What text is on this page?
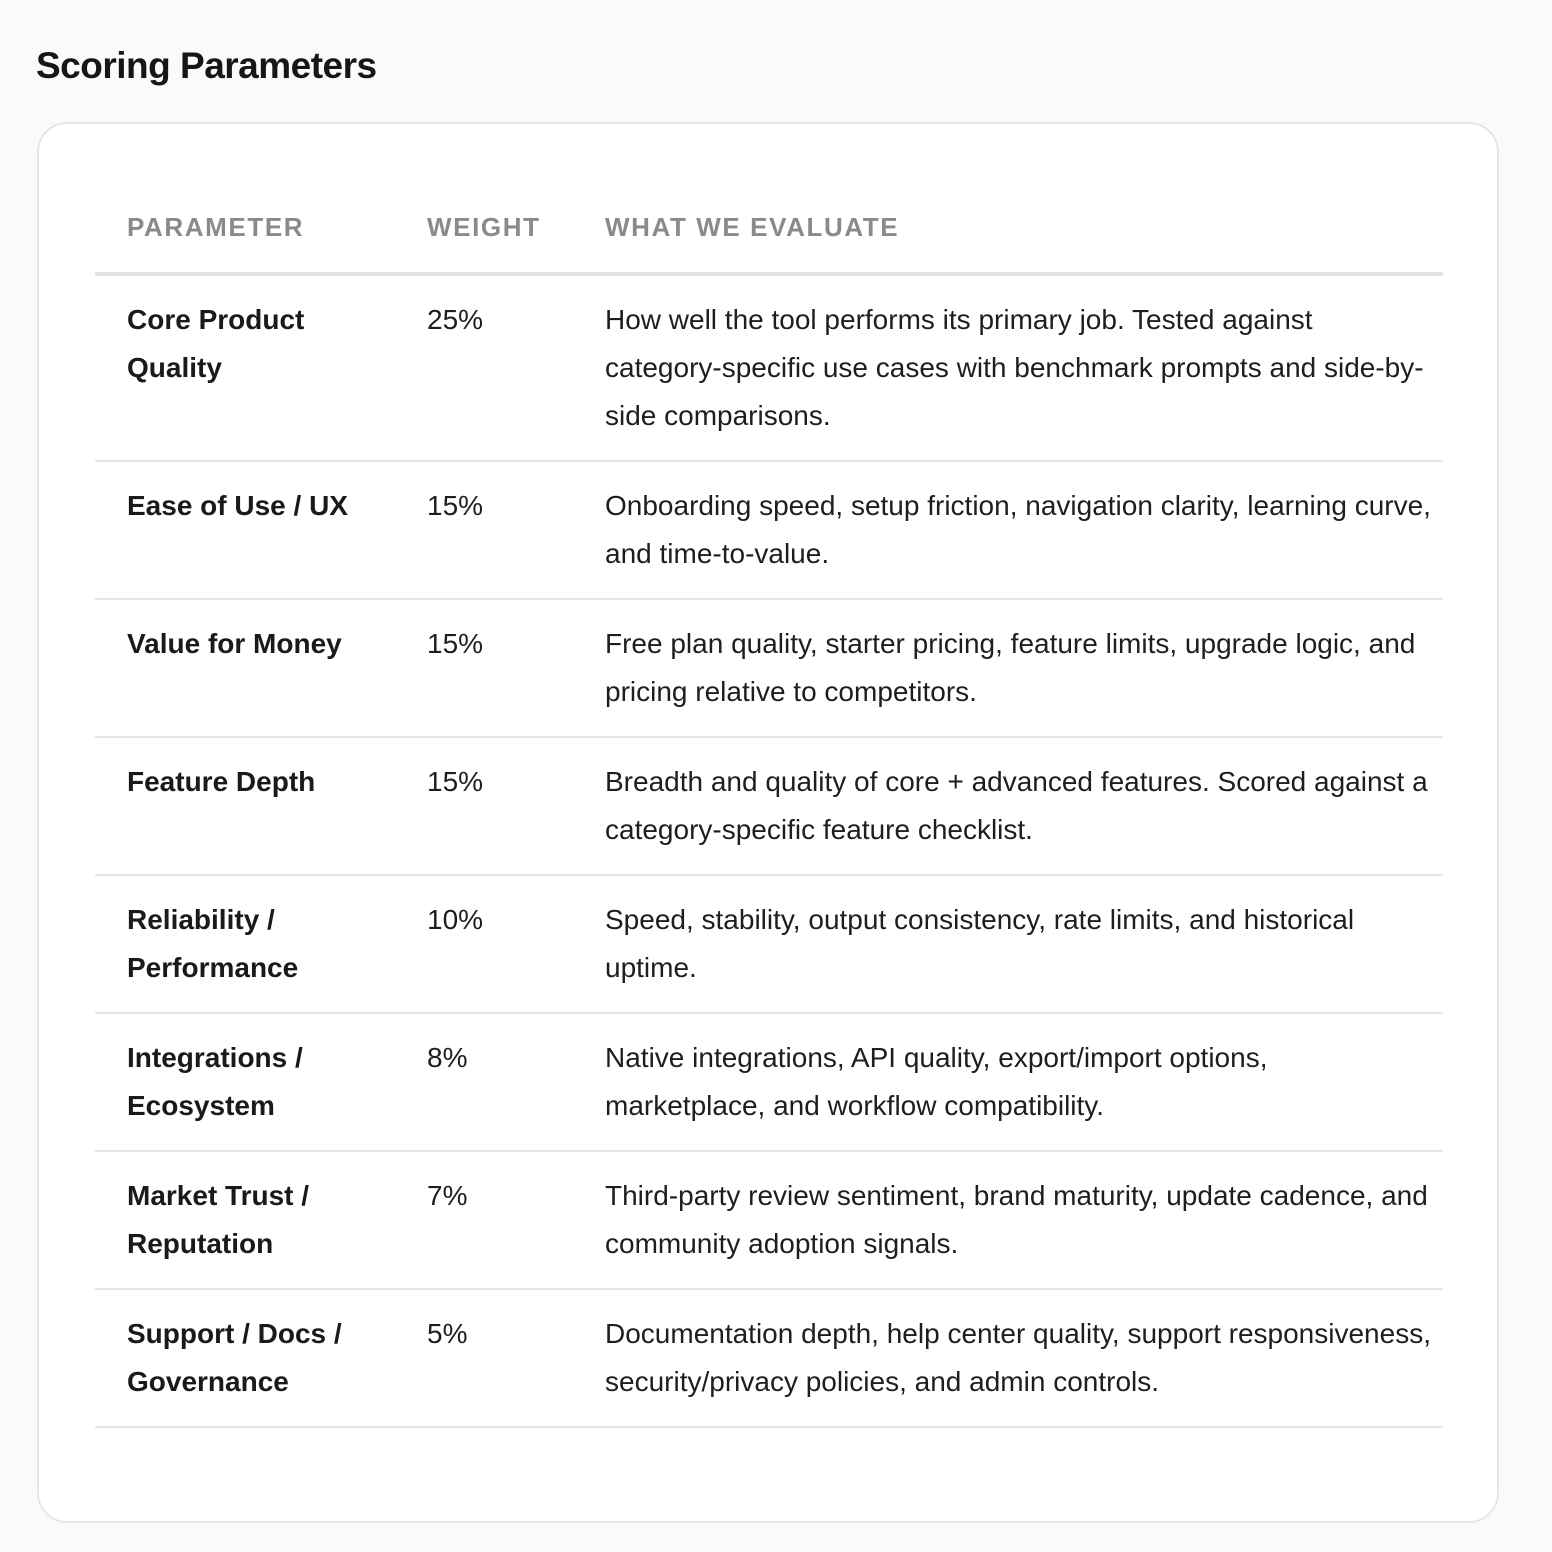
Scoring Parameters
PARAMETER	WEIGHT	WHAT WE EVALUATE
Core Product Quality	25%	How well the tool performs its primary job. Tested against category-specific use cases with benchmark prompts and side-by-side comparisons.
Ease of Use / UX	15%	Onboarding speed, setup friction, navigation clarity, learning curve, and time-to-value.
Value for Money	15%	Free plan quality, starter pricing, feature limits, upgrade logic, and pricing relative to competitors.
Feature Depth	15%	Breadth and quality of core + advanced features. Scored against a category-specific feature checklist.
Reliability / Performance	10%	Speed, stability, output consistency, rate limits, and historical uptime.
Integrations / Ecosystem	8%	Native integrations, API quality, export/import options, marketplace, and workflow compatibility.
Market Trust / Reputation	7%	Third-party review sentiment, brand maturity, update cadence, and community adoption signals.
Support / Docs / Governance	5%	Documentation depth, help center quality, support responsiveness, security/privacy policies, and admin controls.
